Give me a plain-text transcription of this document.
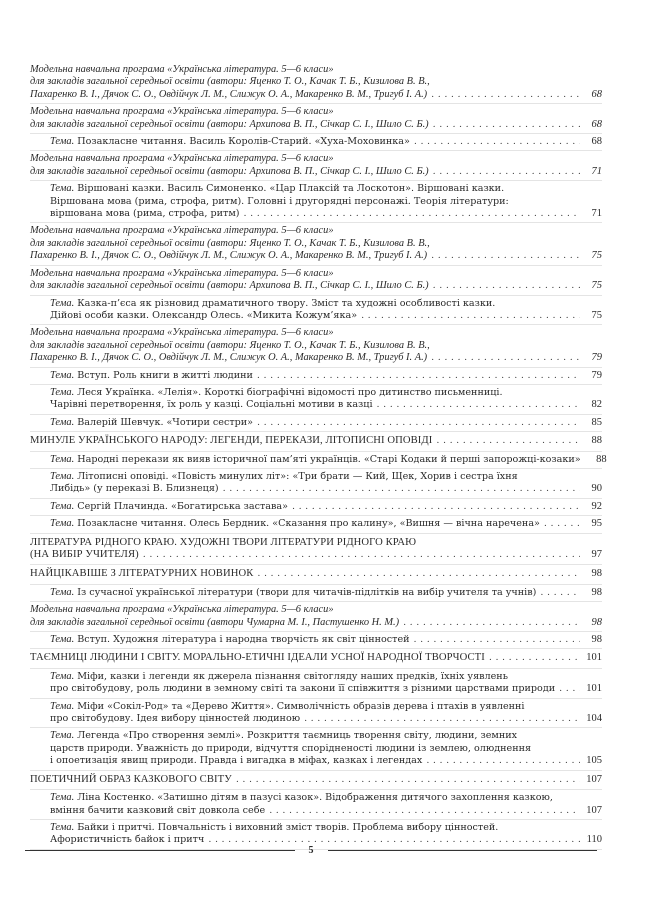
Модельна навчальна програма «Українська література. 5—6 класи»
для закладів загальної середньої освіти (автори: Яценко Т. О., Качак Т. Б., Кизилова В. В.,
Пахаренко В. І., Дячок С. О., Овдійчук Л. М., Слижук О. А., Макаренко В. М., Тригуб І. А.) . . .	68
Модельна навчальна програма «Українська література. 5—6 класи»
для закладів загальної середньої освіти (автори: Архипова В. П., Січкар С. І., Шило С. Б.) . . .	68
Тема. Позакласне читання. Василь Королів-Старий. «Хуха-Моховинка» . . .	68
Модельна навчальна програма «Українська література. 5—6 класи»
для закладів загальної середньої освіти (автори: Архипова В. П., Січкар С. І., Шило С. Б.) . . .	71
Тема. Віршовані казки. Василь Симоненко. «Цар Плаксій та Лоскотон». Віршовані казки.
Віршована мова (рима, строфа, ритм). Головні і другорядні персонажі. Теорія літератури:
віршована мова (рима, строфа, ритм) . . .	71
Модельна навчальна програма «Українська література. 5—6 класи»
для закладів загальної середньої освіти (автори: Яценко Т. О., Качак Т. Б., Кизилова В. В.,
Пахаренко В. І., Дячок С. О., Овдійчук Л. М., Слижук О. А., Макаренко В. М., Тригуб І. А.) . . .	75
Модельна навчальна програма «Українська література. 5—6 класи»
для закладів загальної середньої освіти (автори: Архипова В. П., Січкар С. І., Шило С. Б.) . . .	75
Тема. Казка-п’єса як різновид драматичного твору. Зміст та художні особливості казки.
Дійові особи казки. Олександр Олесь. «Микита Кожум’яка» . . .	75
Модельна навчальна програма «Українська література. 5—6 класи»
для закладів загальної середньої освіти (автори: Яценко Т. О., Качак Т. Б., Кизилова В. В.,
Пахаренко В. І., Дячок С. О., Овдійчук Л. М., Слижук О. А., Макаренко В. М., Тригуб І. А.) . . .	79
Тема. Вступ. Роль книги в житті людини . . .	79
Тема. Леся Українка. «Лелія». Короткі біографічні відомості про дитинство письменниці.
Чарівні перетворення, їх роль у казці. Соціальні мотиви в казці . . .	82
Тема. Валерій Шевчук. «Чотири сестри» . . .	85
МИНУЛЕ УКРАЇНСЬКОГО НАРОДУ: ЛЕГЕНДИ, ПЕРЕКАЗИ, ЛІТОПИСНІ ОПОВІДІ . . .	88
Тема. Народні перекази як вияв історичної пам’яті українців. «Старі Кодаки й перші запорожці-козаки»	88
Тема. Літописні оповіді. «Повість минулих літ»: «Три брати — Кий, Щек, Хорив і сестра їхня
Либідь» (у переказі В. Близнеця) . . .	90
Тема. Сергій Плачинда. «Богатирська застава» . . .	92
Тема. Позакласне читання. Олесь Бердник. «Сказання про калину», «Вишня — вічна наречена» . . .	95
ЛІТЕРАТУРА РІДНОГО КРАЮ. ХУДОЖНІ ТВОРИ ЛІТЕРАТУРИ РІДНОГО КРАЮ
(НА ВИБІР УЧИТЕЛЯ) . . .	97
НАЙЦІКАВІШЕ З ЛІТЕРАТУРНИХ НОВИНОК . . .	98
Тема. Із сучасної української літератури (твори для читачів-підлітків на вибір учителя та учнів) . . .	98
Модельна навчальна програма «Українська література. 5—6 класи»
для закладів загальної середньої освіти (автори Чумарна М. І., Пастушенко Н. М.) . . .	98
Тема. Вступ. Художня література і народна творчість як світ цінностей . . .	98
ТАЄМНИЦІ ЛЮДИНИ І СВІТУ. МОРАЛЬНО-ЕТИЧНІ ІДЕАЛИ УСНОЇ НАРОДНОЇ ТВОРЧОСТІ . . .	101
Тема. Міфи, казки і легенди як джерела пізнання світогляду наших предків, їхніх уявлень
про світобудову, роль людини в земному світі та закони її співжиття з різними царствами природи . . .	101
Тема. Міфи «Сокіл-Род» та «Дерево Життя». Символічність образів дерева і птахів в уявленні
про світобудову. Ідея вибору цінностей людиною . . .	104
Тема. Легенда «Про створення землі». Розкриття таємниць творення світу, людини, земних
царств природи. Уважність до природи, відчуття спорідненості людини із землею, олюднення
і опоетизація явищ природи. Правда і вигадка в міфах, казках і легендах . . .	105
ПОЕТИЧНИЙ ОБРАЗ КАЗКОВОГО СВІТУ . . .	107
Тема. Ліна Костенко. «Затишно дітям в пазусі казок». Відображення дитячого захоплення казкою,
вміння бачити казковий світ довкола себе . . .	107
Тема. Байки і притчі. Повчальність і виховний зміст творів. Проблема вибору цінностей.
Афористичність байок і притч . . .	110
5
